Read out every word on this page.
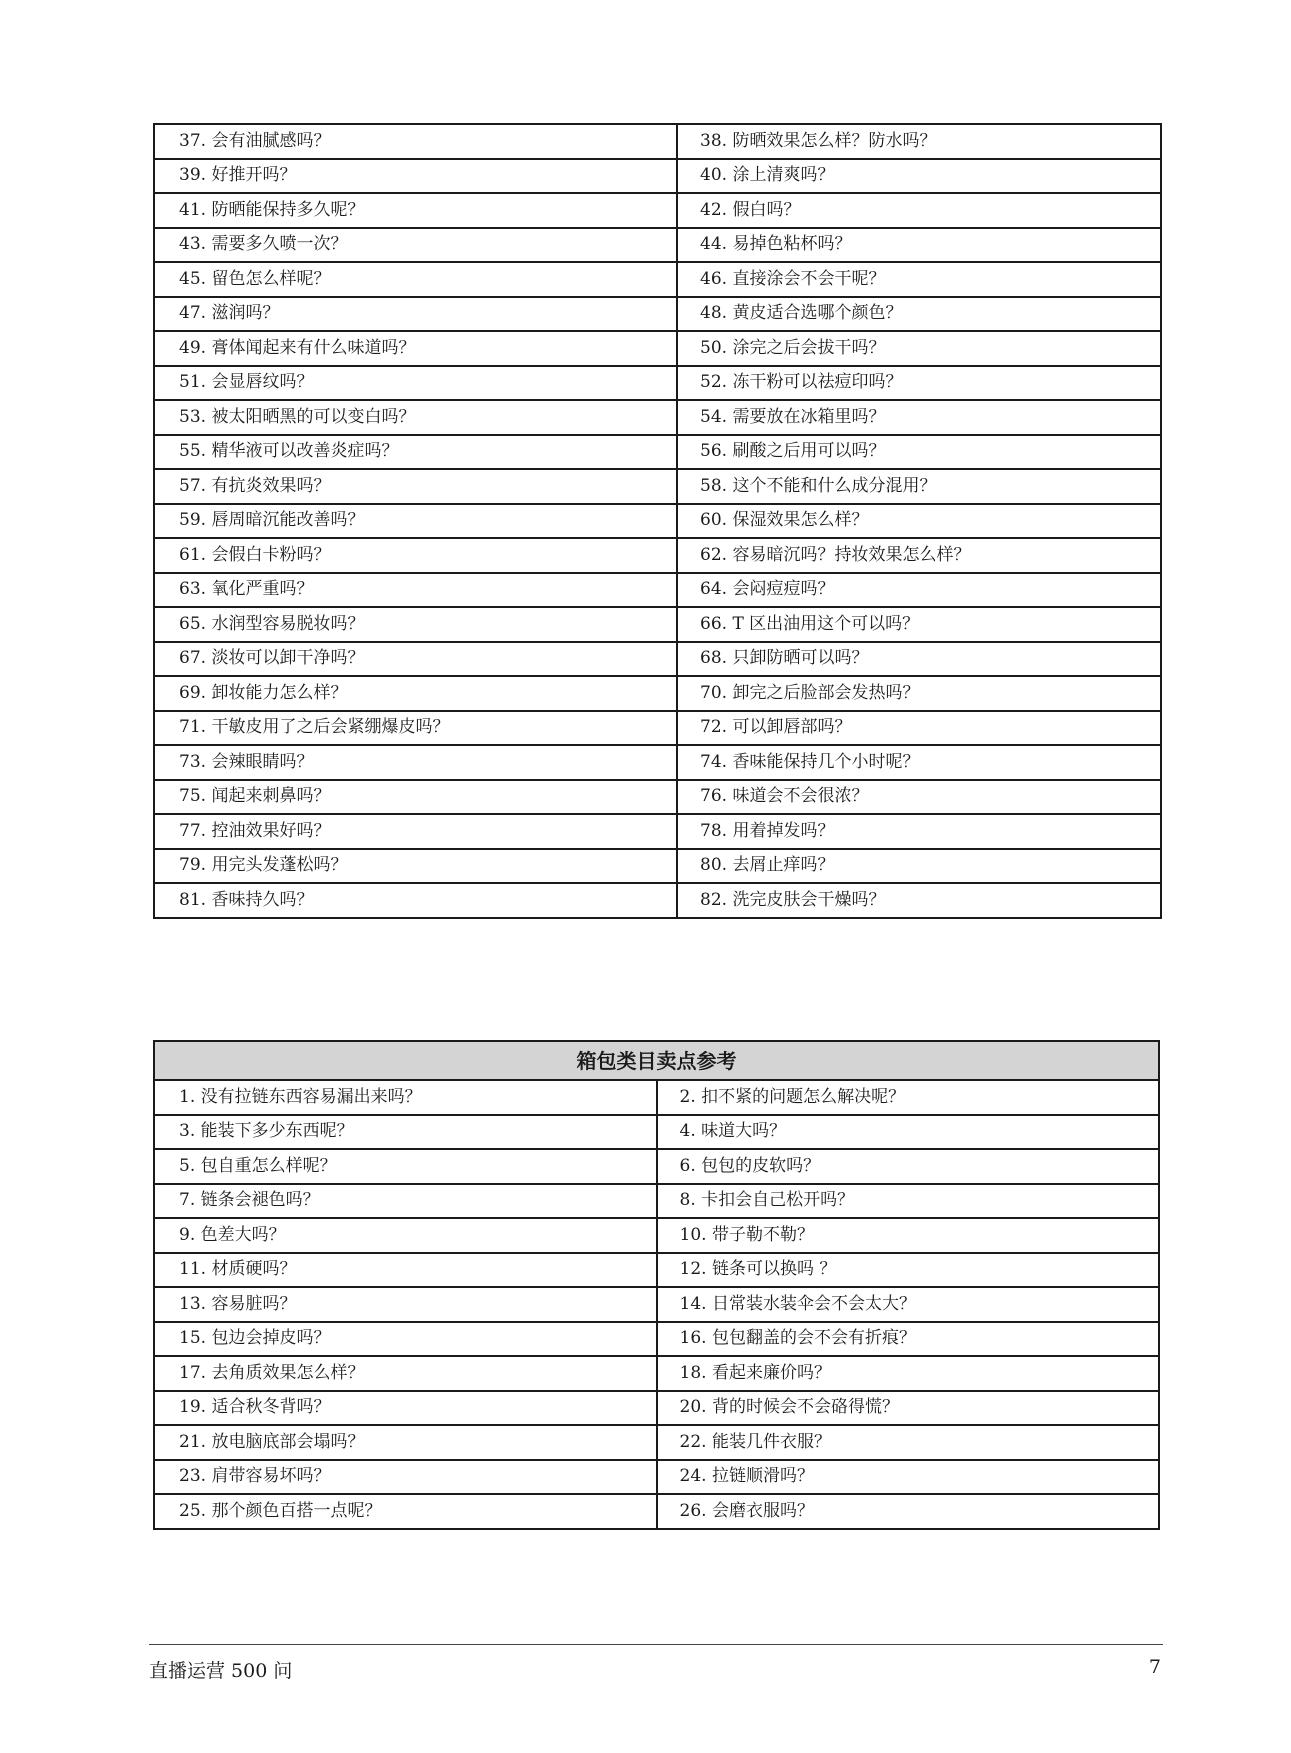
37. 会有油腻感吗？	38. 防晒效果怎么样？防水吗？
39. 好推开吗？	40. 涂上清爽吗？
41. 防晒能保持多久呢？	42. 假白吗？
43. 需要多久喷一次？	44. 易掉色粘杯吗？
45. 留色怎么样呢？	46. 直接涂会不会干呢？
47. 滋润吗？	48. 黄皮适合选哪个颜色？
49. 膏体闻起来有什么味道吗？	50. 涂完之后会拔干吗？
51. 会显唇纹吗？	52. 冻干粉可以祛痘印吗？
53. 被太阳晒黑的可以变白吗？	54. 需要放在冰箱里吗？
55. 精华液可以改善炎症吗？	56. 刷酸之后用可以吗？
57. 有抗炎效果吗？	58. 这个不能和什么成分混用？
59. 唇周暗沉能改善吗？	60. 保湿效果怎么样？
61. 会假白卡粉吗？	62. 容易暗沉吗？持妆效果怎么样？
63. 氧化严重吗？	64. 会闷痘痘吗？
65. 水润型容易脱妆吗？	66. T 区出油用这个可以吗？
67. 淡妆可以卸干净吗？	68. 只卸防晒可以吗？
69. 卸妆能力怎么样？	70. 卸完之后脸部会发热吗？
71. 干敏皮用了之后会紧绷爆皮吗？	72. 可以卸唇部吗？
73. 会辣眼睛吗？	74. 香味能保持几个小时呢？
75. 闻起来刺鼻吗？	76. 味道会不会很浓？
77. 控油效果好吗？	78. 用着掉发吗？
79. 用完头发蓬松吗？	80. 去屑止痒吗？
81. 香味持久吗？	82. 洗完皮肤会干燥吗？
箱包类目卖点参考	
1. 没有拉链东西容易漏出来吗？	2. 扣不紧的问题怎么解决呢？
3. 能装下多少东西呢？	4. 味道大吗？
5. 包自重怎么样呢？	6. 包包的皮软吗？
7. 链条会褪色吗？	8. 卡扣会自己松开吗？
9. 色差大吗？	10. 带子勒不勒？
11. 材质硬吗？	12. 链条可以换吗 ？
13. 容易脏吗？	14. 日常装水装伞会不会太大？
15. 包边会掉皮吗？	16. 包包翻盖的会不会有折痕？
17. 去角质效果怎么样？	18. 看起来廉价吗？
19. 适合秋冬背吗？	20. 背的时候会不会硌得慌？
21. 放电脑底部会塌吗？	22. 能装几件衣服？
23. 肩带容易坏吗？	24. 拉链顺滑吗？
25. 那个颜色百搭一点呢？	26. 会磨衣服吗？
直播运营 500 问	7
